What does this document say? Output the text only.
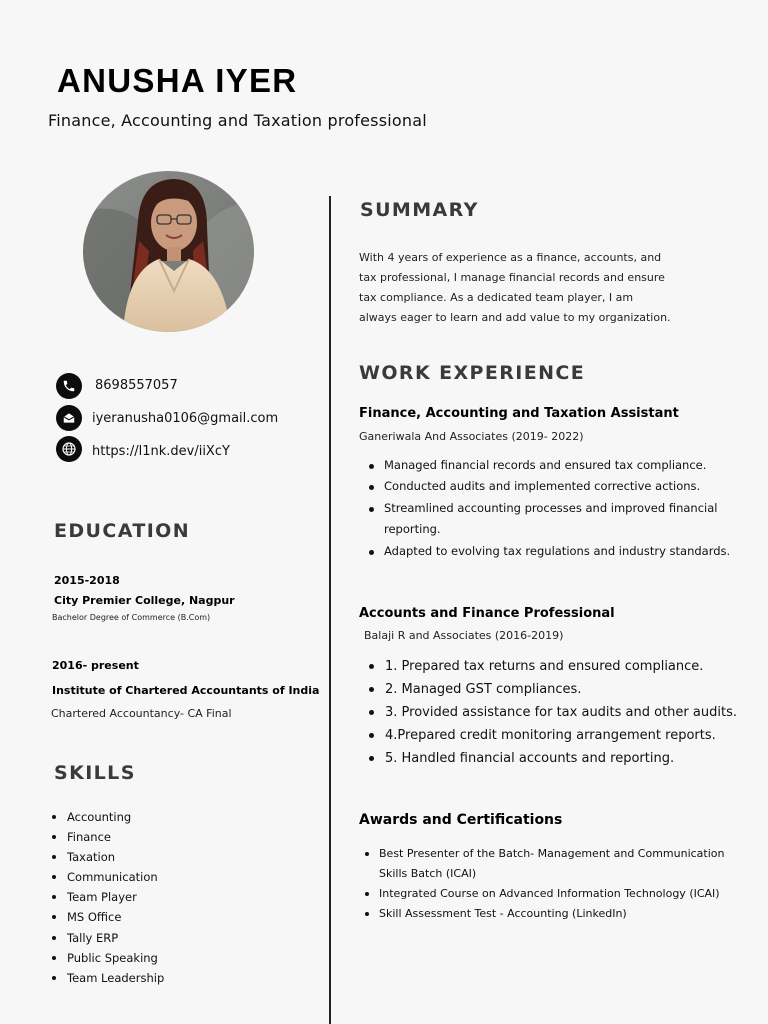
ANUSHA IYER
Finance, Accounting and Taxation professional
8698557057
iyeranusha0106@gmail.com
https://l1nk.dev/iiXcY
EDUCATION
2015-2018
City Premier College, Nagpur
Bachelor Degree of Commerce (B.Com)
2016- present
Institute of Chartered Accountants of India
Chartered Accountancy- CA Final
SKILLS
Accounting
Finance
Taxation
Communication
Team Player
MS Office
Tally ERP
Public Speaking
Team Leadership
SUMMARY
With 4 years of experience as a finance, accounts, and
tax professional, I manage financial records and ensure
tax compliance. As a dedicated team player, I am
always eager to learn and add value to my organization.
WORK EXPERIENCE
Finance, Accounting and Taxation Assistant
Ganeriwala And Associates (2019- 2022)
Managed financial records and ensured tax compliance.
Conducted audits and implemented corrective actions.
Streamlined accounting processes and improved financial reporting.
Adapted to evolving tax regulations and industry standards.
Accounts and Finance Professional
Balaji R and Associates (2016-2019)
1. Prepared tax returns and ensured compliance.
2. Managed GST compliances.
3. Provided assistance for tax audits and other audits.
4.Prepared credit monitoring arrangement reports.
5. Handled financial accounts and reporting.
Awards and Certifications
Best Presenter of the Batch- Management and Communication Skills Batch (ICAI)
Integrated Course on Advanced Information Technology (ICAI)
Skill Assessment Test - Accounting (LinkedIn)
